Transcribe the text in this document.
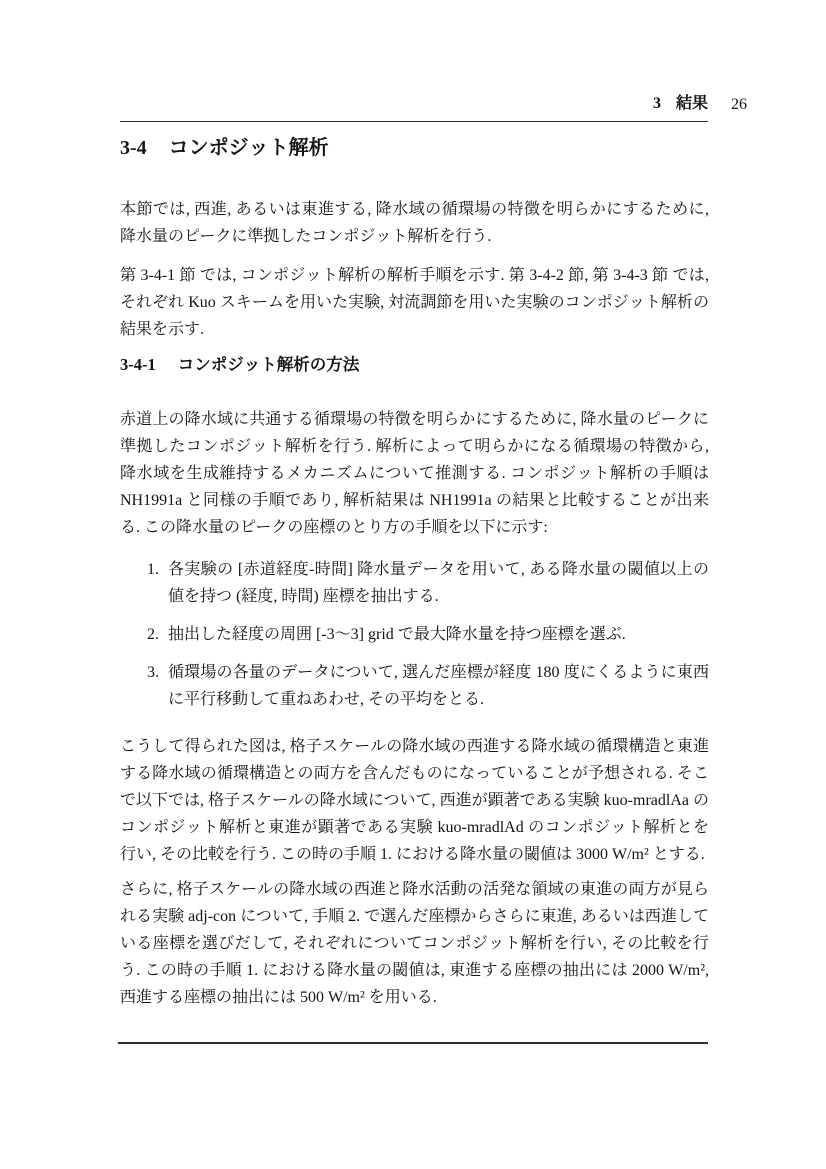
3 結果 26
3-4 コンポジット解析

本節では, 西進, あるいは東進する, 降水域の循環場の特徴を明らかにするために, 降水量のピークに準拠したコンポジット解析を行う.

第 3-4-1 節 では, コンポジット解析の解析手順を示す. 第 3-4-2 節, 第 3-4-3 節 では, それぞれ Kuo スキームを用いた実験, 対流調節を用いた実験のコンポジット解析の結果を示す.

3-4-1 コンポジット解析の方法

赤道上の降水域に共通する循環場の特徴を明らかにするために, 降水量のピークに準拠したコンポジット解析を行う. 解析によって明らかになる循環場の特徴から, 降水域を生成維持するメカニズムについて推測する. コンポジット解析の手順は NH1991a と同様の手順であり, 解析結果は NH1991a の結果と比較することが出来る. この降水量のピークの座標のとり方の手順を以下に示す:

1. 各実験の [赤道経度-時間] 降水量データを用いて, ある降水量の閾値以上の値を持つ (経度, 時間) 座標を抽出する.
2. 抽出した経度の周囲 [-3〜3] grid で最大降水量を持つ座標を選ぶ.
3. 循環場の各量のデータについて, 選んだ座標が経度 180 度にくるように東西に平行移動して重ねあわせ, その平均をとる.

こうして得られた図は, 格子スケールの降水域の西進する降水域の循環構造と東進する降水域の循環構造との両方を含んだものになっていることが予想される. そこで以下では, 格子スケールの降水域について, 西進が顕著である実験 kuo-mradlAa のコンポジット解析と東進が顕著である実験 kuo-mradlAd のコンポジット解析とを行い, その比較を行う. この時の手順 1. における降水量の閾値は 3000 W/m² とする.

さらに, 格子スケールの降水域の西進と降水活動の活発な領域の東進の両方が見られる実験 adj-con について, 手順 2. で選んだ座標からさらに東進, あるいは西進している座標を選びだして, それぞれについてコンポジット解析を行い, その比較を行う. この時の手順 1. における降水量の閾値は, 東進する座標の抽出には 2000 W/m², 西進する座標の抽出には 500 W/m² を用いる.
